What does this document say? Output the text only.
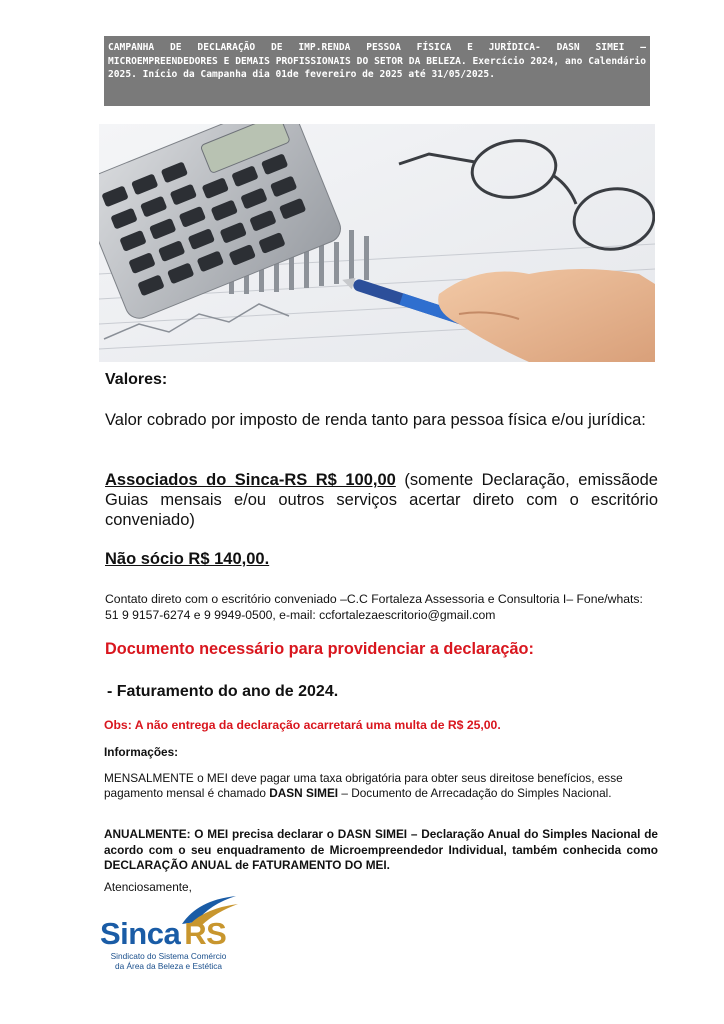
CAMPANHA DE DECLARAÇÃO DE IMP.RENDA PESSOA FÍSICA E JURÍDICA- DASN SIMEI – MICROEMPREENDEDORES E DEMAIS PROFISSIONAIS DO SETOR DA BELEZA. Exercício 2024, ano Calendário 2025. Início da Campanha dia 01de fevereiro de 2025 até 31/05/2025.
Valores:
Valor cobrado por imposto de renda tanto para pessoa física e/ou jurídica:
Associados do Sinca-RS R$ 100,00 (somente Declaração, emissãode Guias mensais e/ou outros serviços acertar direto com o escritório conveniado)
Não sócio R$ 140,00.
Contato direto com o escritório conveniado –C.C Fortaleza Assessoria e Consultoria I– Fone/whats: 51 9 9157-6274 e 9 9949-0500, e-mail: ccfortalezaescritorio@gmail.com
Documento necessário para providenciar a declaração:
- Faturamento do ano de 2024.
Obs: A não entrega da declaração acarretará uma multa de R$ 25,00.
Informações:
MENSALMENTE o MEI deve pagar uma taxa obrigatória para obter seus direitose benefícios, esse pagamento mensal é chamado DASN SIMEI – Documento de Arrecadação do Simples Nacional.
ANUALMENTE: O MEI precisa declarar o DASN SIMEI – Declaração Anual do Simples Nacional de acordo com o seu enquadramento de Microempreendedor Individual, também conhecida como DECLARAÇÃO ANUAL de FATURAMENTO DO MEI.
Atenciosamente,
Sinca RS
Sindicato do Sistema Comércio da Área da Beleza e Estética
